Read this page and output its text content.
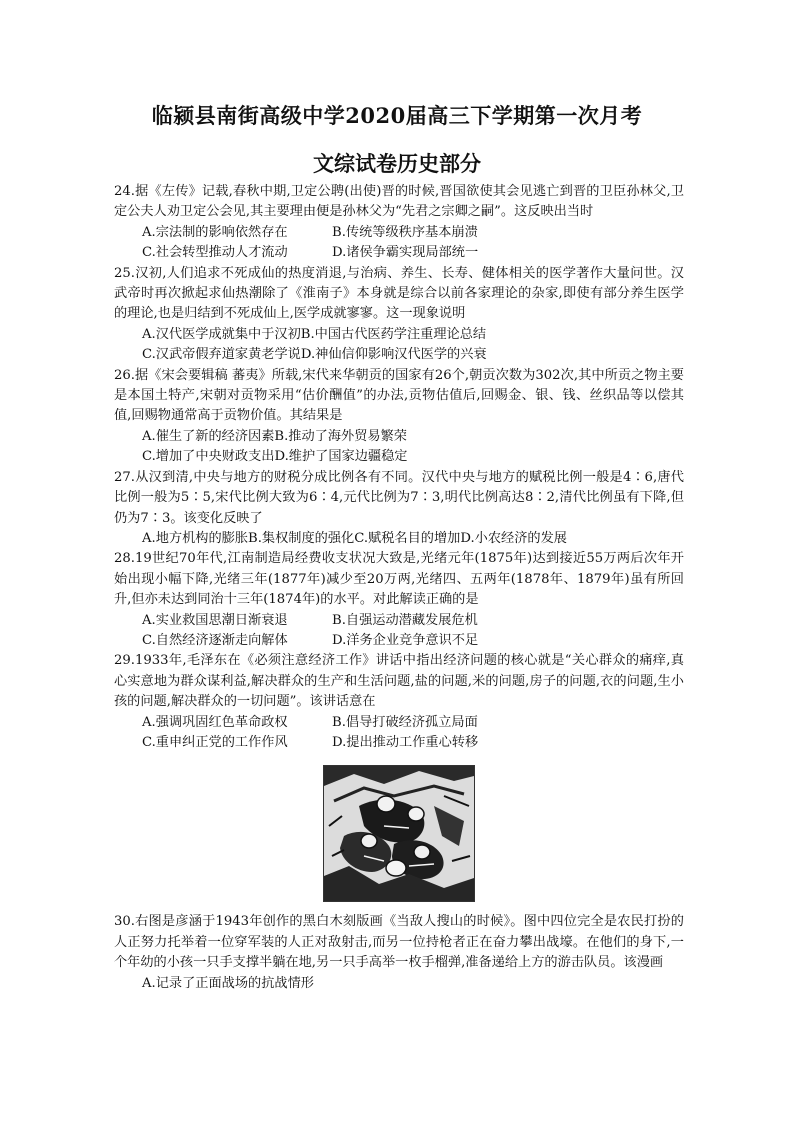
临颍县南街高级中学2020届高三下学期第一次月考
文综试卷历史部分

24.据《左传》记载,春秋中期,卫定公聘(出使)晋的时候,晋国欲使其会见逃亡到晋的卫臣孙林父,卫定公夫人劝卫定公会见,其主要理由便是孙林父为“先君之宗卿之嗣”。这反映出当时

A.宗法制的影响依然存在	B.传统等级秩序基本崩溃
C.社会转型推动人才流动	D.诸侯争霸实现局部统一

25.汉初,人们追求不死成仙的热度消退,与治病、养生、长寿、健体相关的医学著作大量问世。汉武帝时再次掀起求仙热潮除了《淮南子》本身就是综合以前各家理论的杂家,即使有部分养生医学的理论,也是归结到不死成仙上,医学成就寥寥。这一现象说明

A.汉代医学成就集中于汉初B.中国古代医药学注重理论总结
C.汉武帝假弃道家黄老学说D.神仙信仰影响汉代医学的兴衰

26.据《宋会要辑稿 蕃夷》所载,宋代来华朝贡的国家有26个,朝贡次数为302次,其中所贡之物主要是本国土特产,宋朝对贡物采用“估价酬值”的办法,贡物估值后,回赐金、银、钱、丝织品等以偿其值,回赐物通常高于贡物价值。其结果是

A.催生了新的经济因素B.推动了海外贸易繁荣
C.增加了中央财政支出D.维护了国家边疆稳定

27.从汉到清,中央与地方的财税分成比例各有不同。汉代中央与地方的赋税比例一般是4∶6,唐代比例一般为5∶5,宋代比例大致为6∶4,元代比例为7∶3,明代比例高达8∶2,清代比例虽有下降,但仍为7∶3。该变化反映了

A.地方机构的膨胀B.集权制度的强化C.赋税名目的增加D.小农经济的发展

28.19世纪70年代,江南制造局经费收支状况大致是,光绪元年(1875年)达到接近55万两后次年开始出现小幅下降,光绪三年(1877年)减少至20万两,光绪四、五两年(1878年、1879年)虽有所回升,但亦未达到同治十三年(1874年)的水平。对此解读正确的是

A.实业救国思潮日渐衰退	B.自强运动潜藏发展危机
C.自然经济逐渐走向解体	D.洋务企业竞争意识不足

29.1933年,毛泽东在《必须注意经济工作》讲话中指出经济问题的核心就是“关心群众的痛痒,真心实意地为群众谋利益,解决群众的生产和生活问题,盐的问题,米的问题,房子的问题,衣的问题,生小孩的问题,解决群众的一切问题”。该讲话意在

A.强调巩固红色革命政权	B.倡导打破经济孤立局面
C.重申纠正党的工作作风	D.提出推动工作重心转移

30.右图是彦涵于1943年创作的黑白木刻版画《当敌人搜山的时候》。图中四位完全是农民打扮的人正努力托举着一位穿军装的人正对敌射击,而另一位持枪者正在奋力攀出战壕。在他们的身下,一个年幼的小孩一只手支撑半躺在地,另一只手高举一枚手榴弹,准备递给上方的游击队员。该漫画

A.记录了正面战场的抗战情形
